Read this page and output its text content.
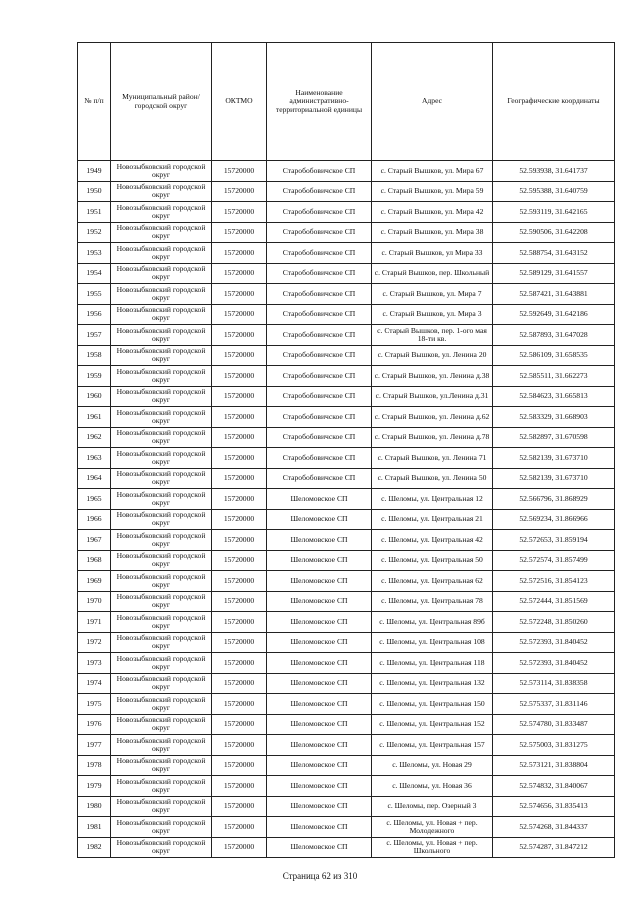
№ п/п	Муниципальный район/городской округ	ОКТМО	Наименование административно-территориальной единицы	Адрес	Географические координаты
1949	Новозыбковский городской округ	15720000	Старобобовичское СП	с. Старый Вышков, ул. Мира 67	52.593938, 31.641737
1950	Новозыбковский городской округ	15720000	Старобобовичское СП	с. Старый Вышков, ул. Мира 59	52.595388, 31.640759
1951	Новозыбковский городской округ	15720000	Старобобовичское СП	с. Старый Вышков, ул. Мира 42	52.593119, 31.642165
1952	Новозыбковский городской округ	15720000	Старобобовичское СП	с. Старый Вышков, ул. Мира 38	52.590506, 31.642208
1953	Новозыбковский городской округ	15720000	Старобобовичское СП	с. Старый Вышков, ул Мира 33	52.588754, 31.643152
1954	Новозыбковский городской округ	15720000	Старобобовичское СП	с. Старый Вышков, пер. Школьный	52.589129, 31.641557
1955	Новозыбковский городской округ	15720000	Старобобовичское СП	с. Старый Вышков, ул. Мира 7	52.587421, 31.643881
1956	Новозыбковский городской округ	15720000	Старобобовичское СП	с. Старый Вышков, ул. Мира 3	52.592649, 31.642186
1957	Новозыбковский городской округ	15720000	Старобобовичское СП	с. Старый Вышков, пер. 1-ого мая 18-ти кв.	52.587893, 31.647028
1958	Новозыбковский городской округ	15720000	Старобобовичское СП	с. Старый Вышков, ул. Ленина 20	52.586109, 31.658535
1959	Новозыбковский городской округ	15720000	Старобобовичское СП	с. Старый Вышков, ул. Ленина д.38	52.585511, 31.662273
1960	Новозыбковский городской округ	15720000	Старобобовичское СП	с. Старый Вышков, ул.Ленина д.31	52.584623, 31.665813
1961	Новозыбковский городской округ	15720000	Старобобовичское СП	с. Старый Вышков, ул. Ленина д.62	52.583329, 31.668903
1962	Новозыбковский городской округ	15720000	Старобобовичское СП	с. Старый Вышков, ул. Ленина д.78	52.582897, 31.670598
1963	Новозыбковский городской округ	15720000	Старобобовичское СП	с. Старый Вышков, ул. Ленина 71	52.582139, 31.673710
1964	Новозыбковский городской округ	15720000	Старобобовичское СП	с. Старый Вышков, ул. Ленина 50	52.582139, 31.673710
1965	Новозыбковский городской округ	15720000	Шеломовское СП	с. Шеломы, ул. Центральная 12	52.566796, 31.868929
1966	Новозыбковский городской округ	15720000	Шеломовское СП	с. Шеломы, ул. Центральная 21	52.569234, 31.866966
1967	Новозыбковский городской округ	15720000	Шеломовское СП	с. Шеломы, ул. Центральная 42	52.572653, 31.859194
1968	Новозыбковский городской округ	15720000	Шеломовское СП	с. Шеломы, ул. Центральная 50	52.572574, 31.857499
1969	Новозыбковский городской округ	15720000	Шеломовское СП	с. Шеломы, ул. Центральная 62	52.572516, 31.854123
1970	Новозыбковский городской округ	15720000	Шеломовское СП	с. Шеломы, ул. Центральная 78	52.572444, 31.851569
1971	Новозыбковский городской округ	15720000	Шеломовское СП	с. Шеломы, ул. Центральная 89б	52.572248, 31.850260
1972	Новозыбковский городской округ	15720000	Шеломовское СП	с. Шеломы, ул. Центральная 108	52.572393, 31.840452
1973	Новозыбковский городской округ	15720000	Шеломовское СП	с. Шеломы, ул. Центральная 118	52.572393, 31.840452
1974	Новозыбковский городской округ	15720000	Шеломовское СП	с. Шеломы, ул. Центральная 132	52.573114, 31.838358
1975	Новозыбковский городской округ	15720000	Шеломовское СП	с. Шеломы, ул. Центральная 150	52.575337, 31.831146
1976	Новозыбковский городской округ	15720000	Шеломовское СП	с. Шеломы, ул. Центральная 152	52.574780, 31.833487
1977	Новозыбковский городской округ	15720000	Шеломовское СП	с. Шеломы, ул. Центральная 157	52.575003, 31.831275
1978	Новозыбковский городской округ	15720000	Шеломовское СП	с. Шеломы, ул. Новая 29	52.573121, 31.838804
1979	Новозыбковский городской округ	15720000	Шеломовское СП	с. Шеломы, ул. Новая 36	52.574832, 31.840067
1980	Новозыбковский городской округ	15720000	Шеломовское СП	с. Шеломы, пер. Озерный 3	52.574656, 31.835413
1981	Новозыбковский городской округ	15720000	Шеломовское СП	с. Шеломы, ул. Новая + пер. Молодежного	52.574268, 31.844337
1982	Новозыбковский городской округ	15720000	Шеломовское СП	с. Шеломы, ул. Новая + пер. Школьного	52.574287, 31.847212
Страница 62 из 310
